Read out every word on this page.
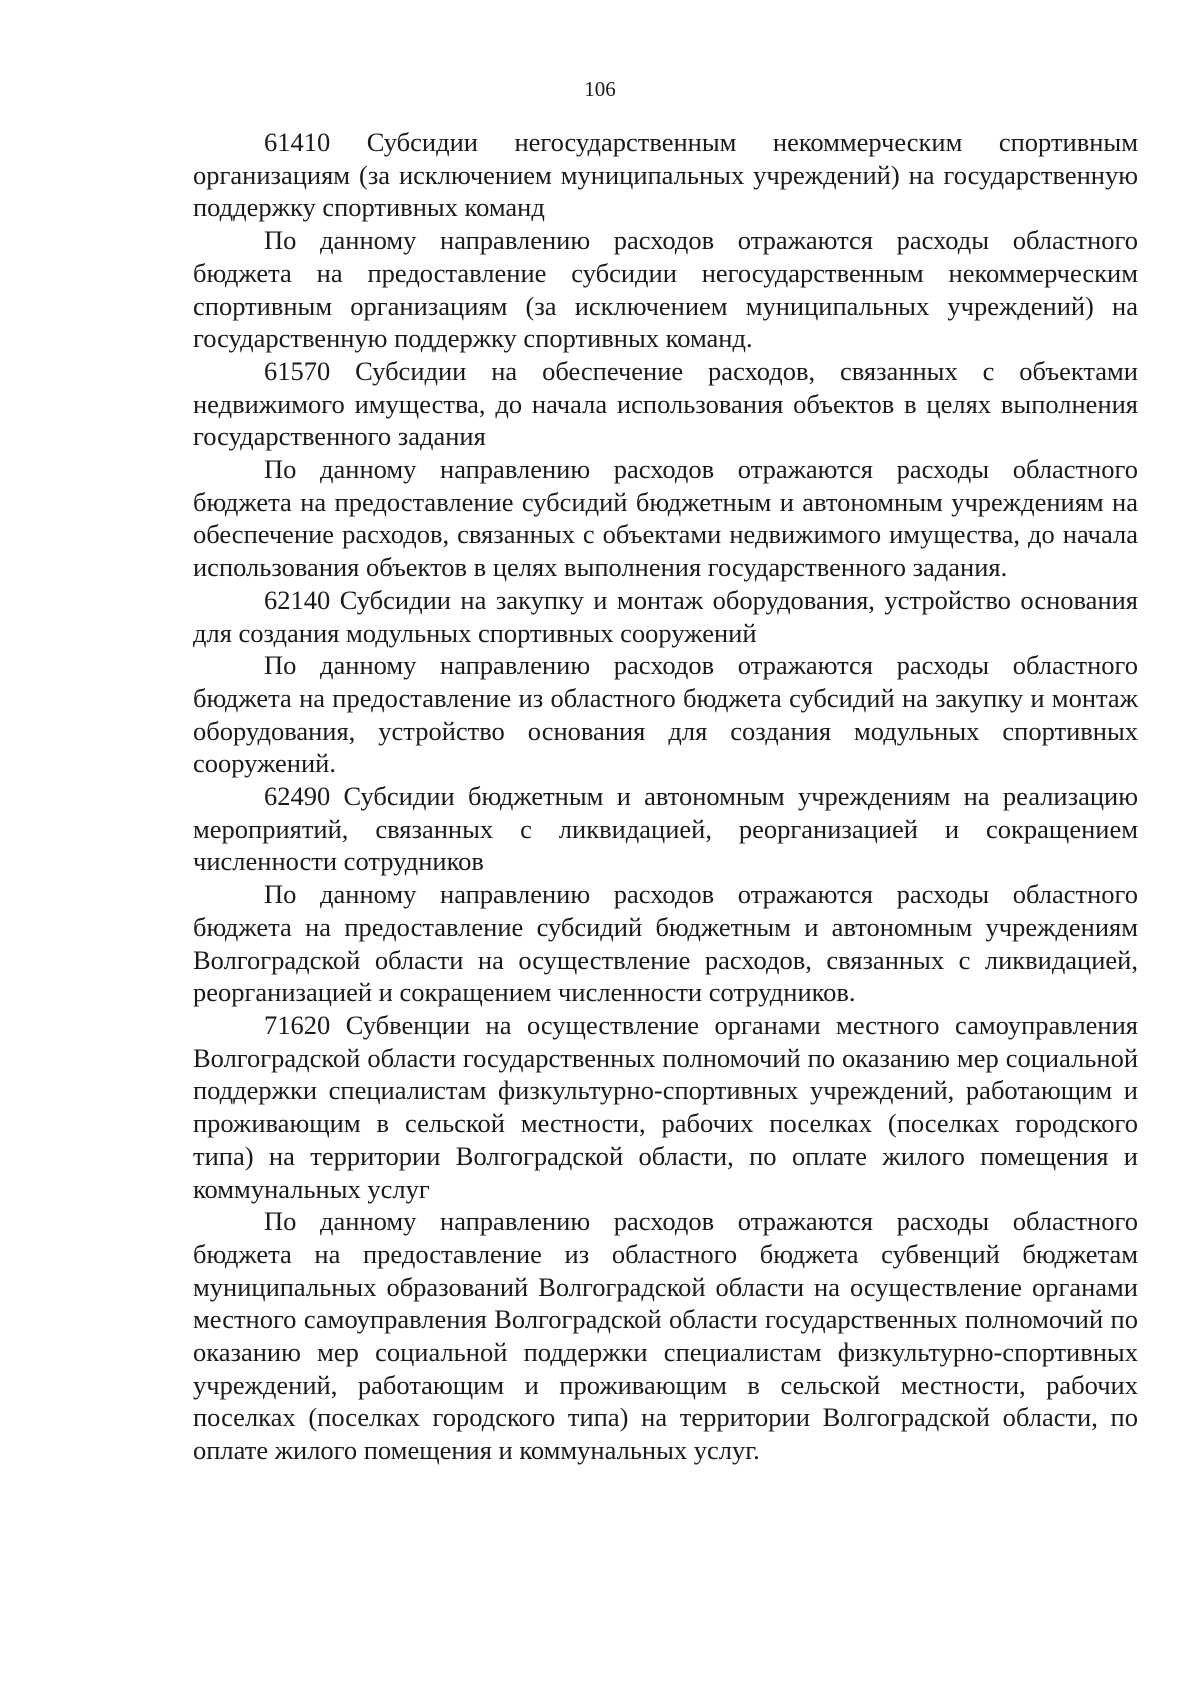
106

61410 Субсидии негосударственным некоммерческим спортивным организациям (за исключением муниципальных учреждений) на государственную поддержку спортивных команд

По данному направлению расходов отражаются расходы областного бюджета на предоставление субсидии негосударственным некоммерческим спортивным организациям (за исключением муниципальных учреждений) на государственную поддержку спортивных команд.

61570 Субсидии на обеспечение расходов, связанных с объектами недвижимого имущества, до начала использования объектов в целях выполнения государственного задания

По данному направлению расходов отражаются расходы областного бюджета на предоставление субсидий бюджетным и автономным учреждениям на обеспечение расходов, связанных с объектами недвижимого имущества, до начала использования объектов в целях выполнения государственного задания.

62140 Субсидии на закупку и монтаж оборудования, устройство основания для создания модульных спортивных сооружений

По данному направлению расходов отражаются расходы областного бюджета на предоставление из областного бюджета субсидий на закупку и монтаж оборудования, устройство основания для создания модульных спортивных сооружений.

62490 Субсидии бюджетным и автономным учреждениям на реализацию мероприятий, связанных с ликвидацией, реорганизацией и сокращением численности сотрудников

По данному направлению расходов отражаются расходы областного бюджета на предоставление субсидий бюджетным и автономным учреждениям Волгоградской области на осуществление расходов, связанных с ликвидацией, реорганизацией и сокращением численности сотрудников.

71620 Субвенции на осуществление органами местного самоуправления Волгоградской области государственных полномочий по оказанию мер социальной поддержки специалистам физкультурно-спортивных учреждений, работающим и проживающим в сельской местности, рабочих поселках (поселках городского типа) на территории Волгоградской области, по оплате жилого помещения и коммунальных услуг

По данному направлению расходов отражаются расходы областного бюджета на предоставление из областного бюджета субвенций бюджетам муниципальных образований Волгоградской области на осуществление органами местного самоуправления Волгоградской области государственных полномочий по оказанию мер социальной поддержки специалистам физкультурно-спортивных учреждений, работающим и проживающим в сельской местности, рабочих поселках (поселках городского типа) на территории Волгоградской области, по оплате жилого помещения и коммунальных услуг.
